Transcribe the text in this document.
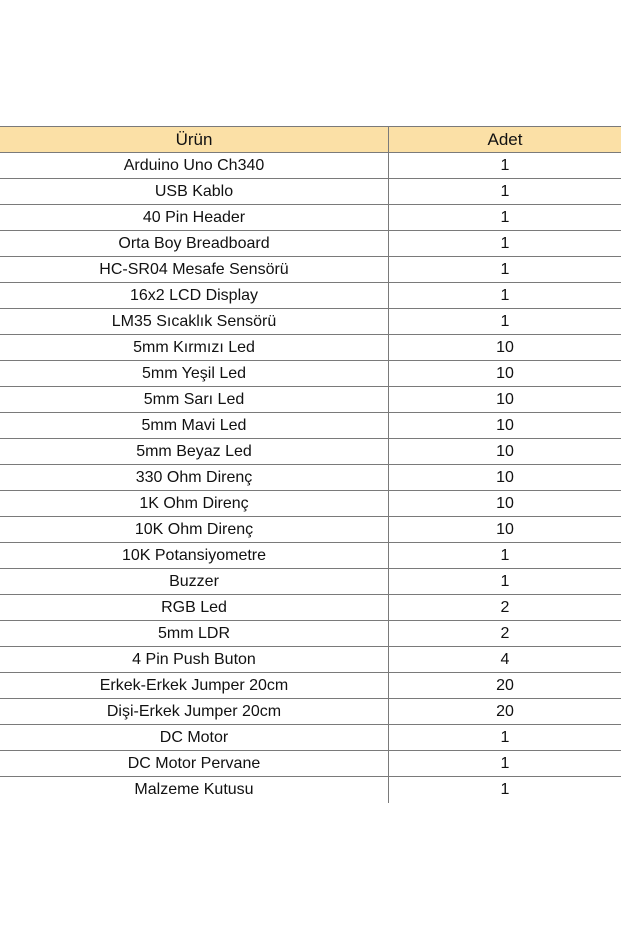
Ürün	Adet
Arduino Uno Ch340	1
USB Kablo	1
40 Pin Header	1
Orta Boy Breadboard	1
HC-SR04 Mesafe Sensörü	1
16x2 LCD Display	1
LM35 Sıcaklık Sensörü	1
5mm Kırmızı Led	10
5mm Yeşil Led	10
5mm Sarı Led	10
5mm Mavi Led	10
5mm Beyaz Led	10
330 Ohm Direnç	10
1K Ohm Direnç	10
10K Ohm Direnç	10
10K Potansiyometre	1
Buzzer	1
RGB Led	2
5mm LDR	2
4 Pin Push Buton	4
Erkek-Erkek Jumper 20cm	20
Dişi-Erkek Jumper 20cm	20
DC Motor	1
DC Motor Pervane	1
Malzeme Kutusu	1
